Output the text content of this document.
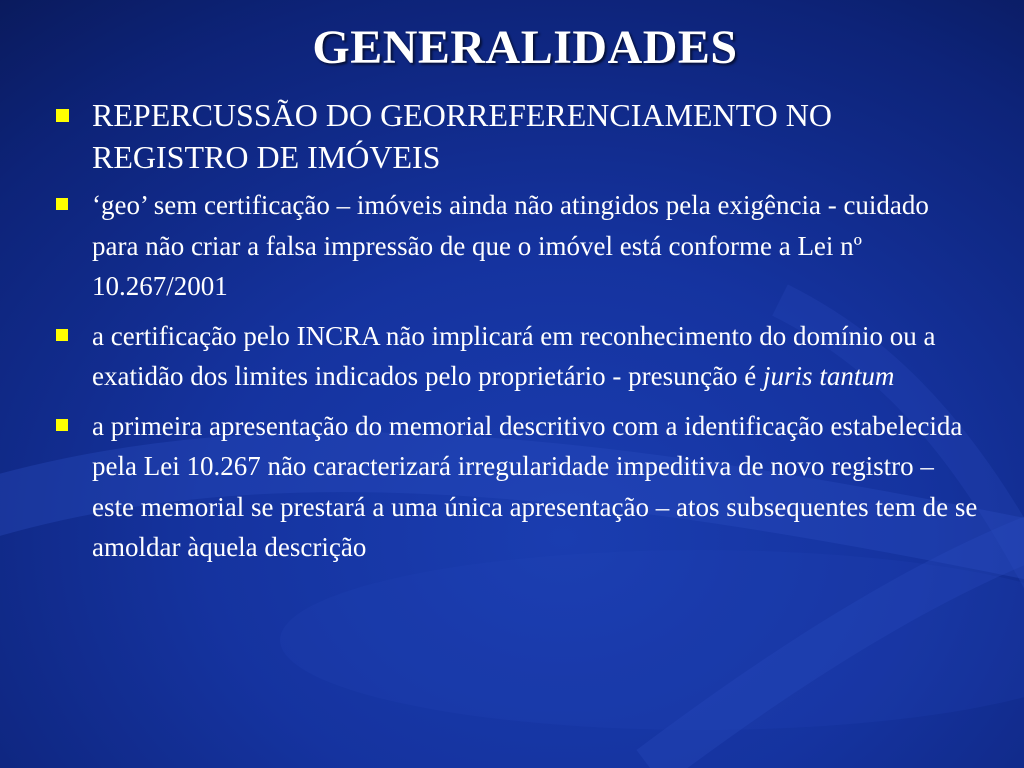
GENERALIDADES
REPERCUSSÃO DO GEORREFERENCIAMENTO NO REGISTRO DE IMÓVEIS
‘geo’ sem certificação – imóveis ainda não atingidos pela exigência - cuidado para não criar a falsa impressão de que o imóvel está conforme a Lei nº 10.267/2001
a certificação pelo INCRA não implicará em reconhecimento do domínio ou a exatidão dos limites indicados pelo proprietário - presunção é juris tantum
a primeira apresentação do memorial descritivo com a identificação estabelecida pela Lei 10.267 não caracterizará irregularidade impeditiva de novo registro – este memorial se prestará a uma única apresentação – atos subsequentes tem de se amoldar àquela descrição
